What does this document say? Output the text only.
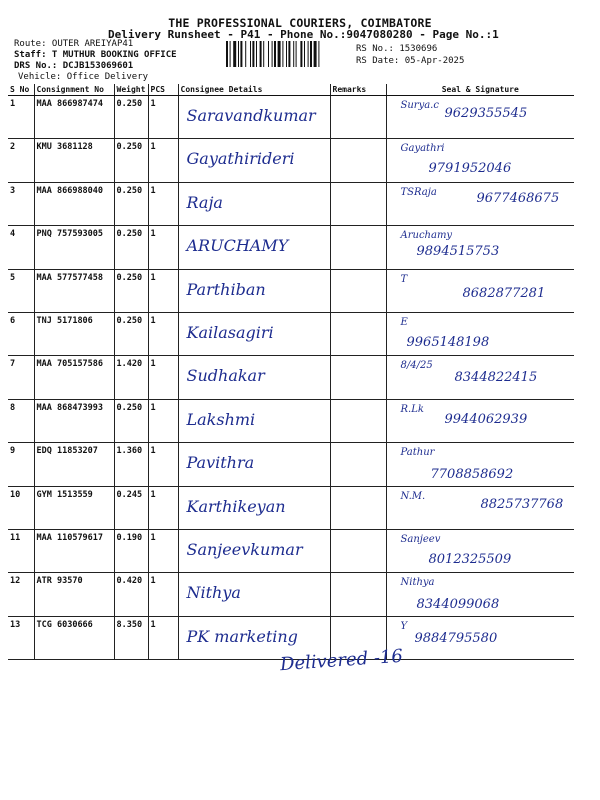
THE PROFESSIONAL COURIERS, COIMBATORE
Delivery Runsheet - P41 - Phone No.:9047080280 - Page No.:1
Route: OUTER AREIYAP41
Staff: T MUTHUR BOOKING OFFICE
DRS No.: DCJB153069601
Vehicle: Office Delivery
RS No.: 1530696
RS Date: 05-Apr-2025
S No	Consignment No	Weight	PCS	Consignee Details	Remarks	Seal & Signature
1	MAA 866987474	0.250	1	Saravandkumar		Surya.c
9629355545

2	KMU 3681128	0.250	1	Gayathirideri		Gayathri
9791952046

3	MAA 866988040	0.250	1	Raja		TSRaja 9677468675

4	PNQ 757593005	0.250	1	ARUCHAMY		Aruchamy
9894515753

5	MAA 577577458	0.250	1	Parthiban		T
8682877281

6	TNJ 5171806	0.250	1	Kailasagiri		E
9965148198

7	MAA 705157586	1.420	1	Sudhakar		8/4/25
8344822415

8	MAA 868473993	0.250	1	Lakshmi		R.Lk
9944062939

9	EDQ 11853207	1.360	1	Pavithra		Pathur
7708858692

10	GYM 1513559	0.245	1	Karthikeyan		N.M.
8825737768

11	MAA 110579617	0.190	1	Sanjeevkumar		Sanjeev
8012325509

12	ATR 93570	0.420	1	Nithya		Nithya
8344099068

13	TCG 6030666	8.350	1	PK marketing		Y
9884795580
Delivered -16
